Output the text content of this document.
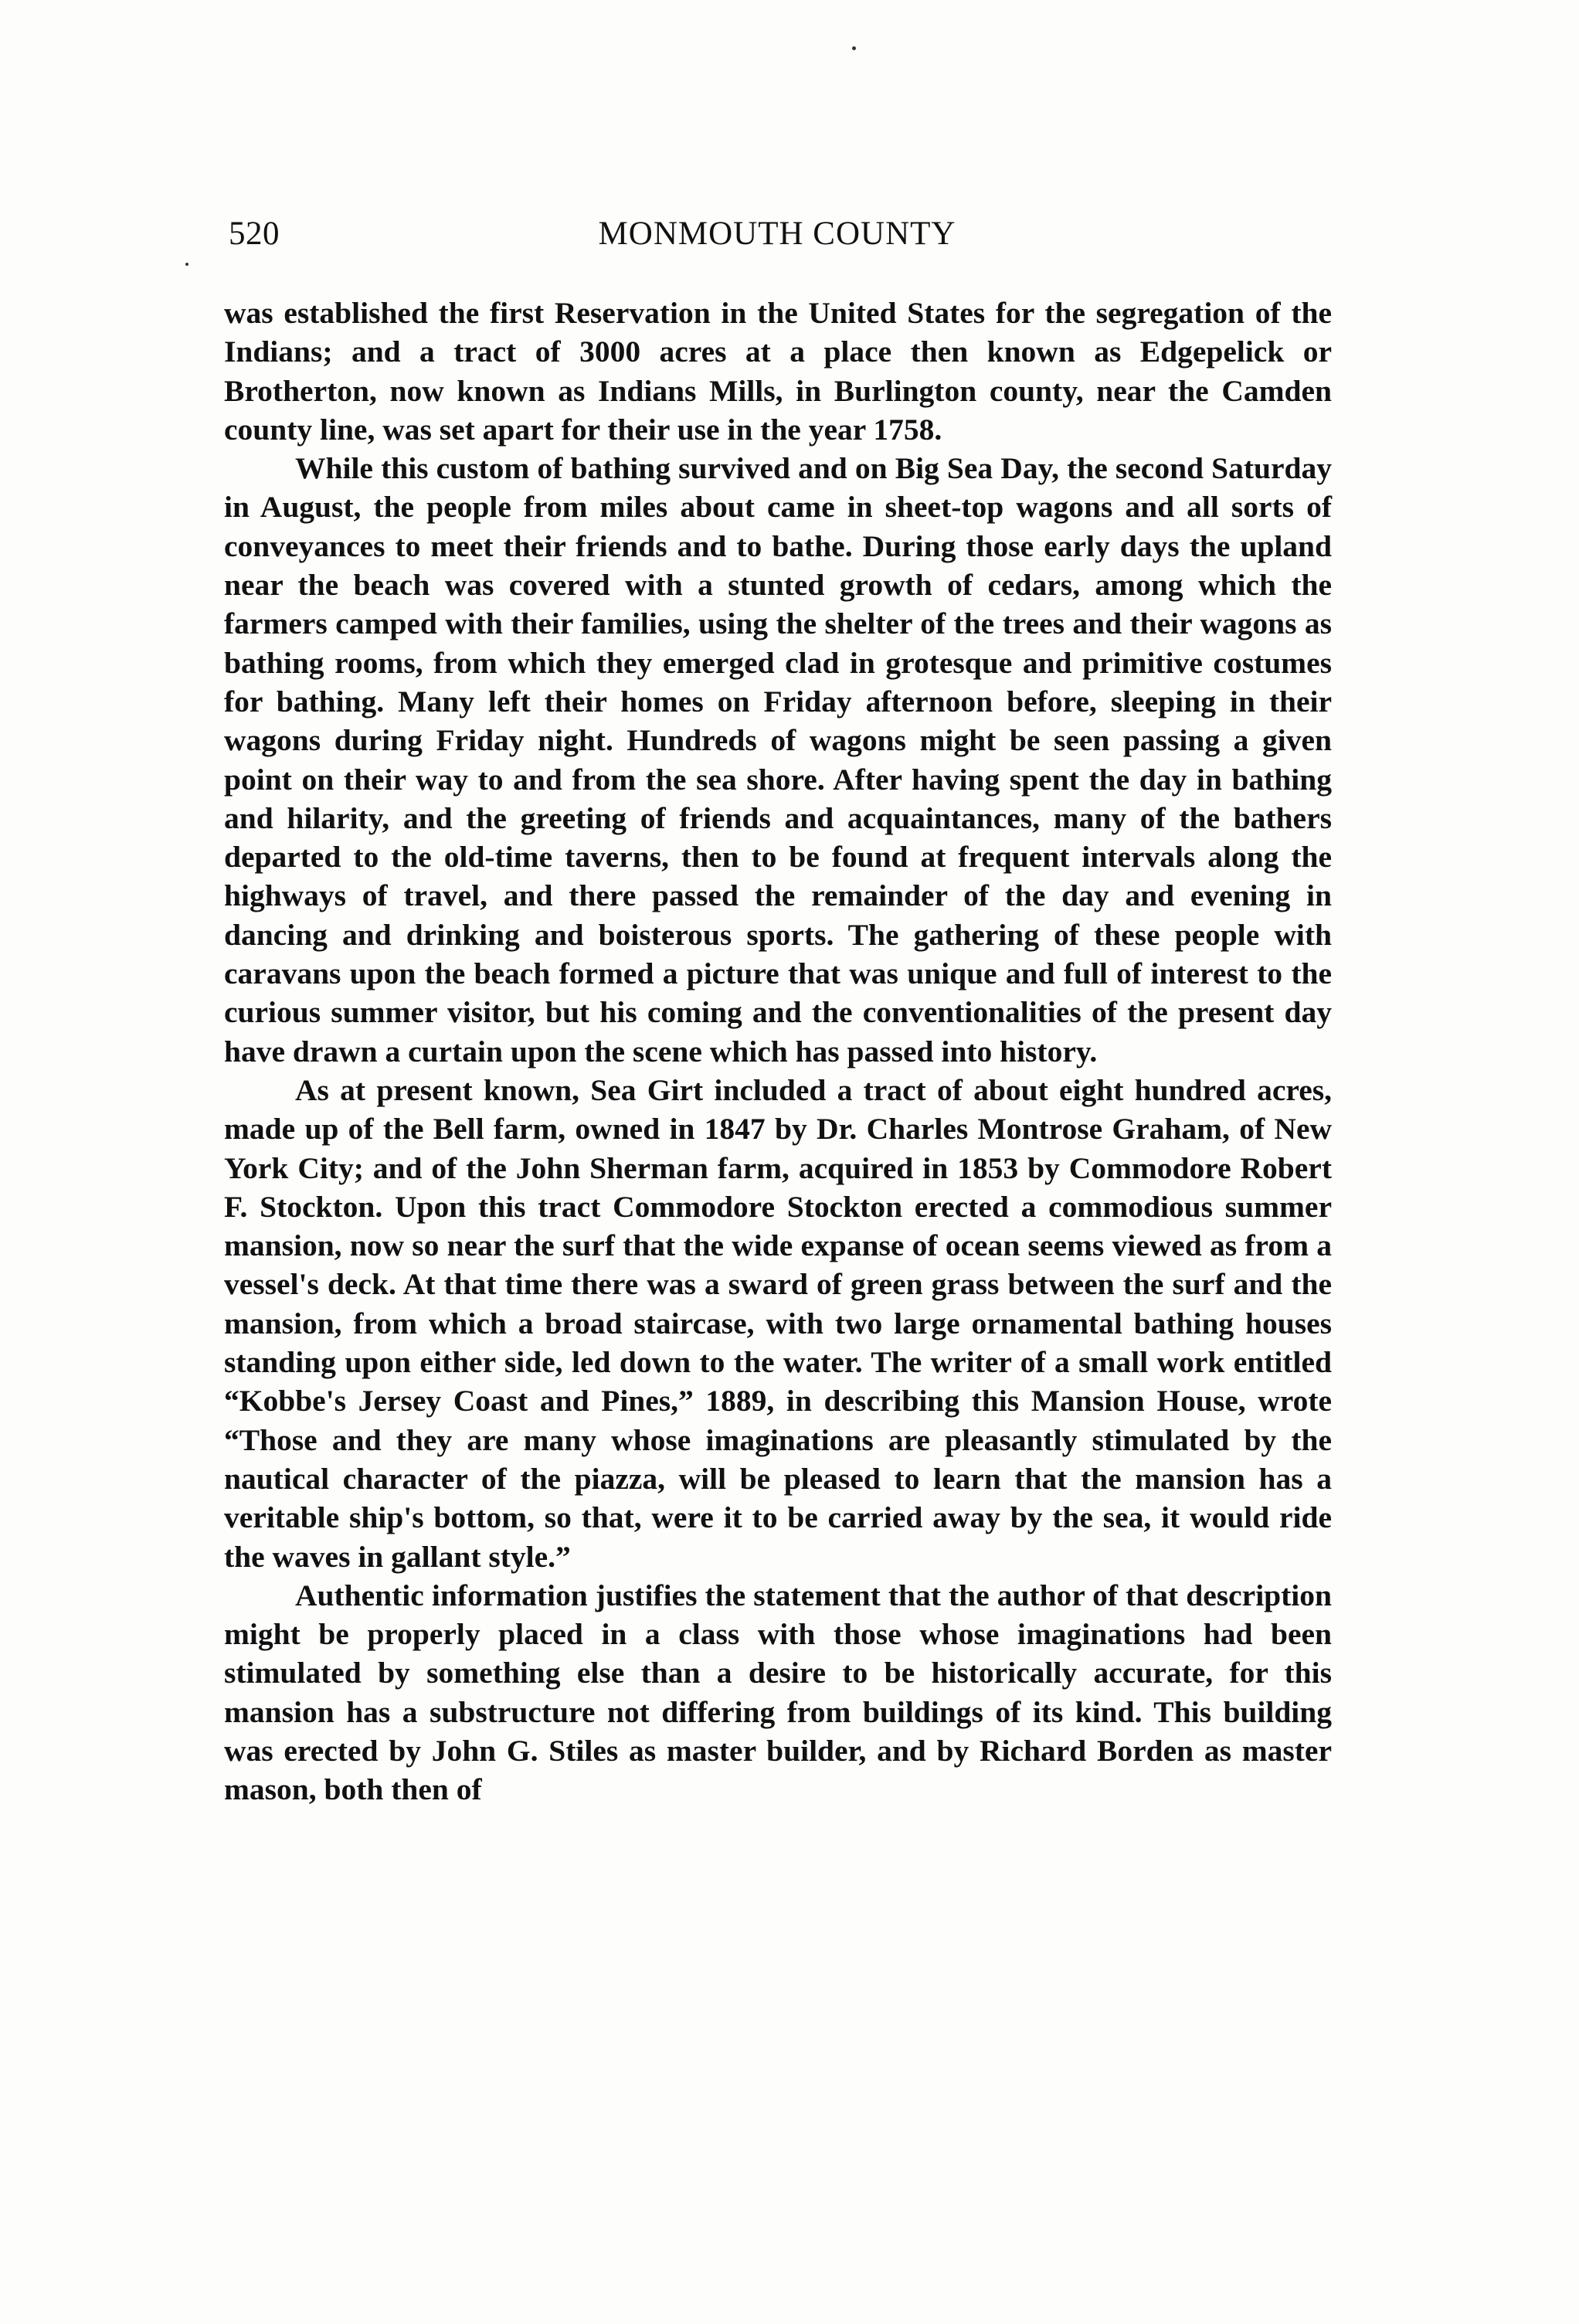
520	MONMOUTH COUNTY

was established the first Reservation in the United States for the segregation of the Indians; and a tract of 3000 acres at a place then known as Edgepelick or Brotherton, now known as Indians Mills, in Burlington county, near the Camden county line, was set apart for their use in the year 1758.

While this custom of bathing survived and on Big Sea Day, the second Saturday in August, the people from miles about came in sheet-top wagons and all sorts of conveyances to meet their friends and to bathe. During those early days the upland near the beach was covered with a stunted growth of cedars, among which the farmers camped with their families, using the shelter of the trees and their wagons as bathing rooms, from which they emerged clad in grotesque and primitive costumes for bathing. Many left their homes on Friday afternoon before, sleeping in their wagons during Friday night. Hundreds of wagons might be seen passing a given point on their way to and from the sea shore. After having spent the day in bathing and hilarity, and the greeting of friends and acquaintances, many of the bathers departed to the old-time taverns, then to be found at frequent intervals along the highways of travel, and there passed the remainder of the day and evening in dancing and drinking and boisterous sports. The gathering of these people with caravans upon the beach formed a picture that was unique and full of interest to the curious summer visitor, but his coming and the conventionalities of the present day have drawn a curtain upon the scene which has passed into history.

As at present known, Sea Girt included a tract of about eight hundred acres, made up of the Bell farm, owned in 1847 by Dr. Charles Montrose Graham, of New York City; and of the John Sherman farm, acquired in 1853 by Commodore Robert F. Stockton. Upon this tract Commodore Stockton erected a commodious summer mansion, now so near the surf that the wide expanse of ocean seems viewed as from a vessel's deck. At that time there was a sward of green grass between the surf and the mansion, from which a broad staircase, with two large ornamental bathing houses standing upon either side, led down to the water. The writer of a small work entitled “Kobbe's Jersey Coast and Pines,” 1889, in describing this Mansion House, wrote “Those and they are many whose imaginations are pleasantly stimulated by the nautical character of the piazza, will be pleased to learn that the mansion has a veritable ship's bottom, so that, were it to be carried away by the sea, it would ride the waves in gallant style.”

Authentic information justifies the statement that the author of that description might be properly placed in a class with those whose imaginations had been stimulated by something else than a desire to be historically accurate, for this mansion has a substructure not differing from buildings of its kind. This building was erected by John G. Stiles as master builder, and by Richard Borden as master mason, both then of
